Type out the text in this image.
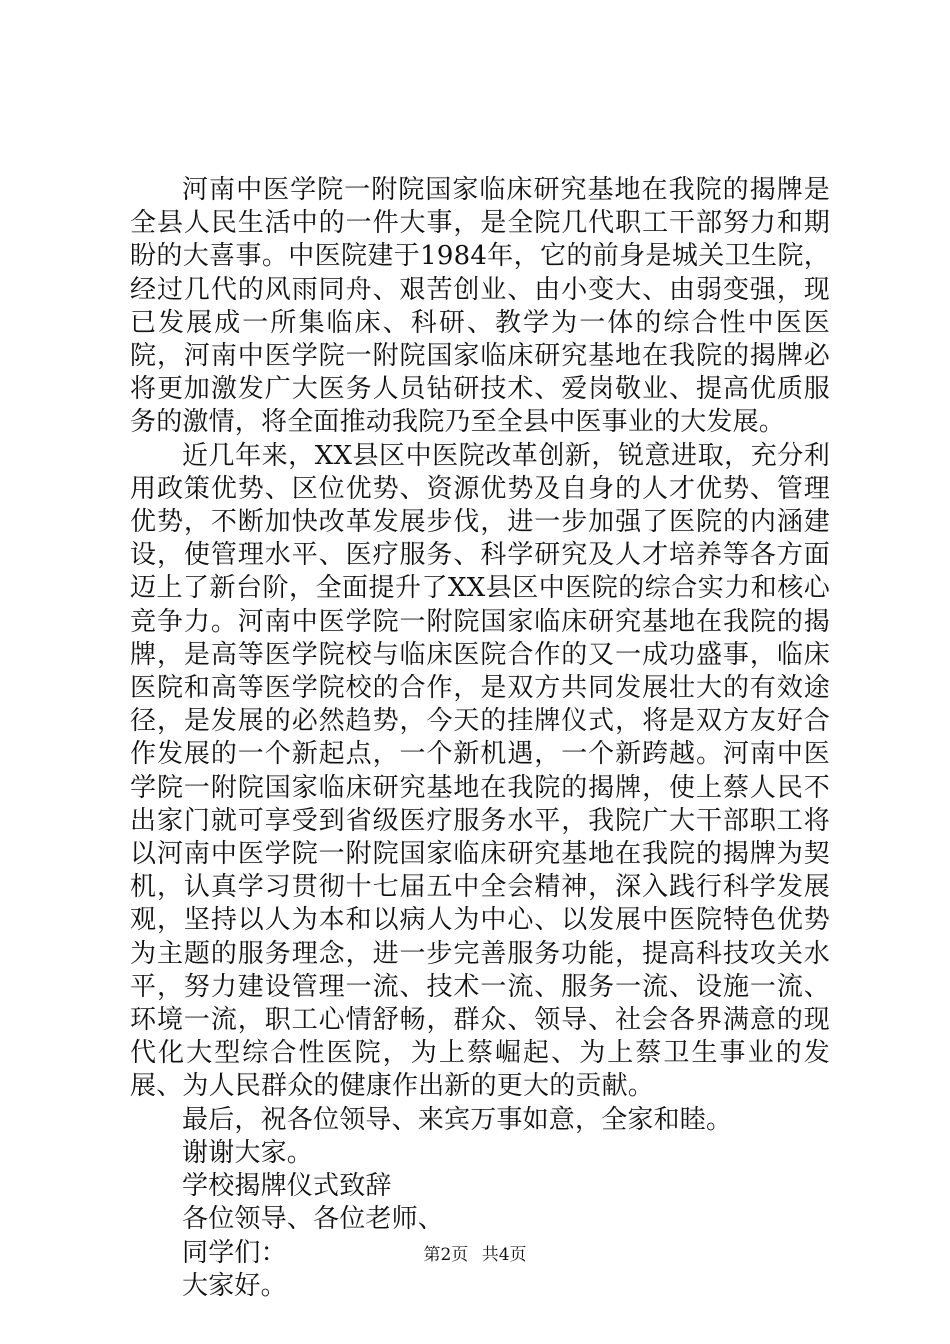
河南中医学院一附院国家临床研究基地在我院的揭牌是全县人民生活中的一件大事，是全院几代职工干部努力和期盼的大喜事。中医院建于1984年，它的前身是城关卫生院，经过几代的风雨同舟、艰苦创业、由小变大、由弱变强，现已发展成一所集临床、科研、教学为一体的综合性中医医院，河南中医学院一附院国家临床研究基地在我院的揭牌必将更加激发广大医务人员钻研技术、爱岗敬业、提高优质服务的激情，将全面推动我院乃至全县中医事业的大发展。

近几年来，XX县区中医院改革创新，锐意进取，充分利用政策优势、区位优势、资源优势及自身的人才优势、管理优势，不断加快改革发展步伐，进一步加强了医院的内涵建设，使管理水平、医疗服务、科学研究及人才培养等各方面迈上了新台阶，全面提升了XX县区中医院的综合实力和核心竞争力。河南中医学院一附院国家临床研究基地在我院的揭牌，是高等医学院校与临床医院合作的又一成功盛事，临床医院和高等医学院校的合作，是双方共同发展壮大的有效途径，是发展的必然趋势，今天的挂牌仪式，将是双方友好合作发展的一个新起点，一个新机遇，一个新跨越。河南中医学院一附院国家临床研究基地在我院的揭牌，使上蔡人民不出家门就可享受到省级医疗服务水平，我院广大干部职工将以河南中医学院一附院国家临床研究基地在我院的揭牌为契机，认真学习贯彻十七届五中全会精神，深入践行科学发展观，坚持以人为本和以病人为中心、以发展中医院特色优势为主题的服务理念，进一步完善服务功能，提高科技攻关水平，努力建设管理一流、技术一流、服务一流、设施一流、环境一流，职工心情舒畅，群众、领导、社会各界满意的现代化大型综合性医院，为上蔡崛起、为上蔡卫生事业的发展、为人民群众的健康作出新的更大的贡献。

最后，祝各位领导、来宾万事如意，全家和睦。

谢谢大家。

学校揭牌仪式致辞

各位领导、各位老师、

同学们：

大家好。

第2页 共4页
